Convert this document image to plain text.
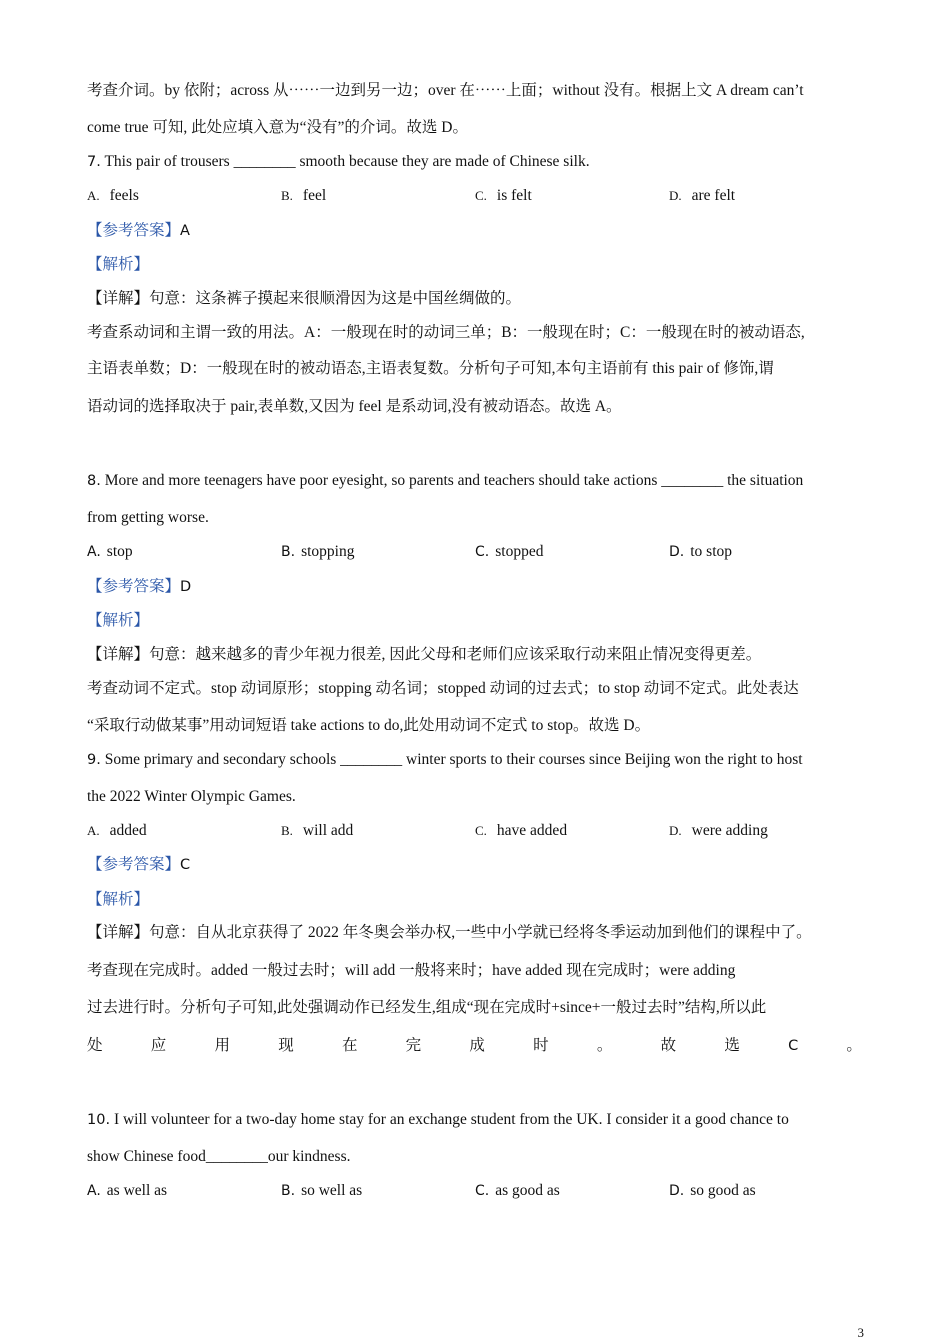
考查介词。by 依附；across 从⋯⋯一边到另一边；over 在⋯⋯上面；without 没有。根据上文 A dream can’t
come true 可知, 此处应填入意为“没有”的介词。故选 D。
7. This pair of trousers ________ smooth because they are made of Chinese silk.
A. feels	B. feel	C. is felt	D. are felt
【参考答案】A
【解析】
【详解】句意：这条裤子摸起来很顺滑因为这是中国丝绸做的。
考查系动词和主谓一致的用法。A：一般现在时的动词三单；B：一般现在时；C：一般现在时的被动语态,
主语表单数；D：一般现在时的被动语态,主语表复数。分析句子可知,本句主语前有 this pair of 修饰,谓
语动词的选择取决于 pair,表单数,又因为 feel 是系动词,没有被动语态。故选 A。
8. More and more teenagers have poor eyesight, so parents and teachers should take actions ________ the situation
from getting worse.
A. stop	B. stopping	C. stopped	D. to stop
【参考答案】D
【解析】
【详解】句意：越来越多的青少年视力很差, 因此父母和老师们应该采取行动来阻止情况变得更差。
考查动词不定式。stop 动词原形；stopping 动名词；stopped 动词的过去式；to stop 动词不定式。此处表达
“采取行动做某事”用动词短语 take actions to do,此处用动词不定式 to stop。故选 D。
9. Some primary and secondary schools ________ winter sports to their courses since Beijing won the right to host
the 2022 Winter Olympic Games.
A. added	B. will add	C. have added	D. were adding
【参考答案】C
【解析】
【详解】句意：自从北京获得了 2022 年冬奥会举办权,一些中小学就已经将冬季运动加到他们的课程中了。
考查现在完成时。added 一般过去时；will add 一般将来时；have added 现在完成时；were adding
过去进行时。分析句子可知,此处强调动作已经发生,组成“现在完成时+since+一般过去时”结构,所以此
处	应	用	现	在	完	成	时	。	故	选	C	。
10. I will volunteer for a two-day home stay for an exchange student from the UK. I consider it a good chance to
show Chinese food________our kindness.
A. as well as	B. so well as	C. as good as	D. so good as
3
